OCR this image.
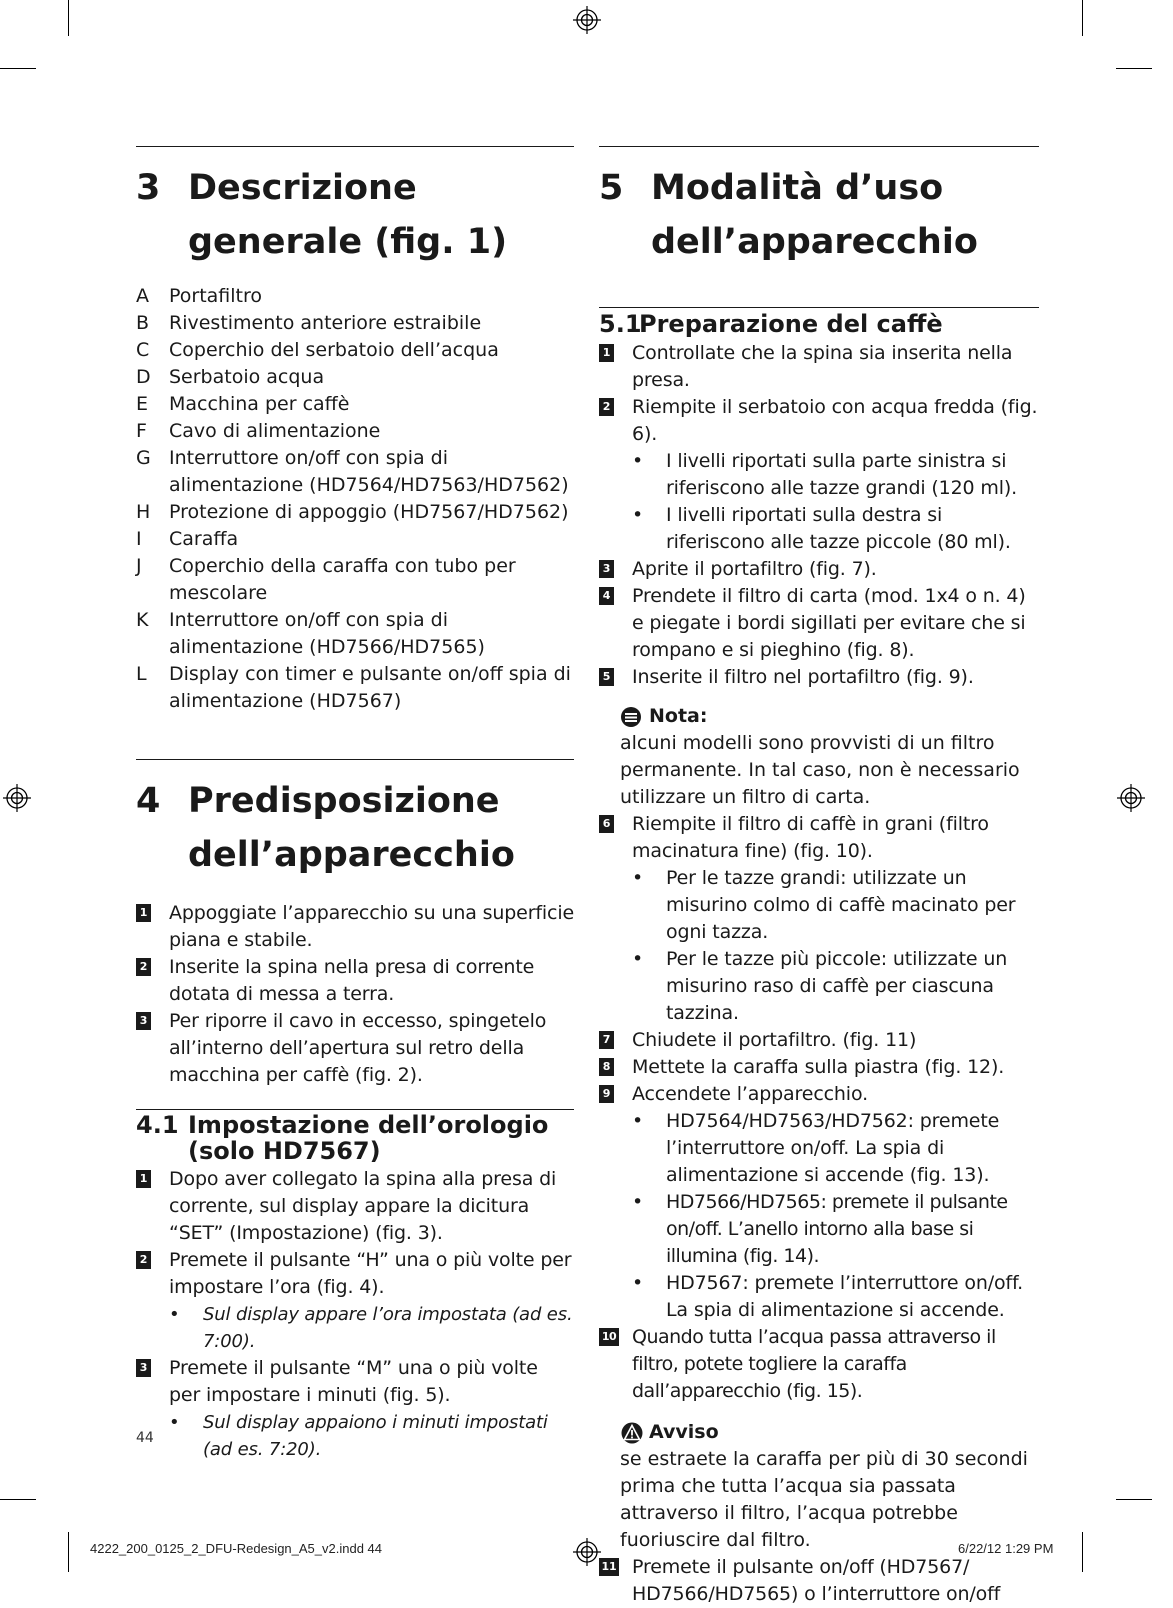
3 Descrizione
generale (fig. 1)
A	Portafiltro
B	Rivestimento anteriore estraibile
C	Coperchio del serbatoio dell’acqua
D Serbatoio acqua
E	Macchina per caffè
F	Cavo di alimentazione
G Interruttore on/off con spia di alimentazione (HD7564/HD7563/HD7562)
H Protezione di appoggio (HD7567/HD7562)
I	Caraffa
J	Coperchio della caraffa con tubo per mescolare
K	Interruttore on/off con spia di alimentazione (HD7566/HD7565)
L	Display con timer e pulsante on/off spia di alimentazione (HD7567)
4 Predisposizione
dell’apparecchio
1 Appoggiate l’apparecchio su una superficie piana e stabile.
2 Inserite la spina nella presa di corrente dotata di messa a terra.
3 Per riporre il cavo in eccesso, spingetelo all’interno dell’apertura sul retro della macchina per caffè (fig. 2).
4.1 Impostazione dell’orologio
(solo HD7567)
1 Dopo aver collegato la spina alla presa di corrente, sul display appare la dicitura “SET” (Impostazione) (fig. 3).
2 Premete il pulsante “H” una o più volte per impostare l’ora (fig. 4).
•	Sul display appare l’ora impostata (ad es. 7:00).
3 Premete il pulsante “M” una o più volte per impostare i minuti (fig. 5).
•	Sul display appaiono i minuti impostati (ad es. 7:20).
5 Modalità d’uso
dell’apparecchio
5.1
Preparazione del caffè
1 Controllate che la spina sia inserita nella presa.
2 Riempite il serbatoio con acqua fredda (fig. 6).
•	I livelli riportati sulla parte sinistra si riferiscono alle tazze grandi (120 ml).
•	I livelli riportati sulla destra si riferiscono alle tazze piccole (80 ml).
3 Aprite il portafiltro (fig. 7).
4 Prendete il filtro di carta (mod. 1x4 o n. 4) e piegate i bordi sigillati per evitare che si rompano e si pieghino (fig. 8).
5 Inserite il filtro nel portafiltro (fig. 9).
Nota:
alcuni modelli sono provvisti di un filtro permanente. In tal caso, non è necessario utilizzare un filtro di carta.
6 Riempite il filtro di caffè in grani (filtro macinatura fine) (fig. 10).
•	Per le tazze grandi: utilizzate un misurino colmo di caffè macinato per ogni tazza.
•	Per le tazze più piccole: utilizzate un misurino raso di caffè per ciascuna tazzina.
7 Chiudete il portafiltro. (fig. 11)
8 Mettete la caraffa sulla piastra (fig. 12).
9 Accendete l’apparecchio.
•	HD7564/HD7563/HD7562: premete l’interruttore on/off. La spia di alimentazione si accende (fig. 13).
•	HD7566/HD7565: premete il pulsante on/off. L’anello intorno alla base si illumina (fig. 14).
•	HD7567: premete l’interruttore on/off. La spia di alimentazione si accende.
10 Quando tutta l’acqua passa attraverso il filtro, potete togliere la caraffa dall’apparecchio (fig. 15).
Avviso
se estraete la caraffa per più di 30 secondi prima che tutta l’acqua sia passata attraverso il filtro, l’acqua potrebbe fuoriuscire dal filtro.
11 Premete il pulsante on/off (HD7567/ HD7566/HD7565) o l’interruttore on/off
44
4222_200_0125_2_DFU-Redesign_A5_v2.indd 44	6/22/12 1:29 PM
